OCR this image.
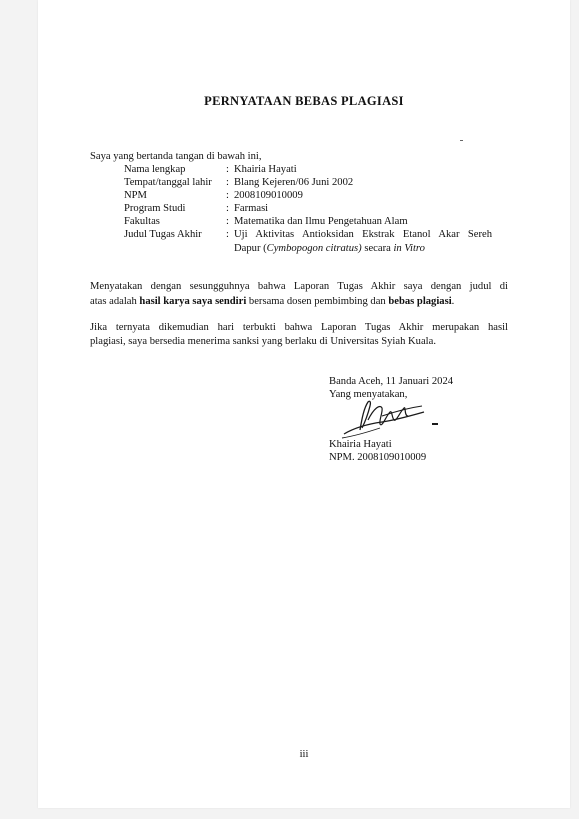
PERNYATAAN BEBAS PLAGIASI
Saya yang bertanda tangan di bawah ini,
Nama lengkap	: Khairia Hayati
Tempat/tanggal lahir : Blang Kejeren/06 Juni 2002
NPM	: 2008109010009
Program Studi	: Farmasi
Fakultas	: Matematika dan Ilmu Pengetahuan Alam
Judul Tugas Akhir : Uji Aktivitas Antioksidan Ekstrak Etanol Akar Sereh
Dapur (Cymbopogon citratus) secara in Vitro
Menyatakan dengan sesungguhnya bahwa Laporan Tugas Akhir saya dengan judul di
atas adalah hasil karya saya sendiri bersama dosen pembimbing dan bebas plagiasi.
Jika ternyata dikemudian hari terbukti bahwa Laporan Tugas Akhir merupakan hasil
plagiasi, saya bersedia menerima sanksi yang berlaku di Universitas Syiah Kuala.
Banda Aceh, 11 Januari 2024
Yang menyatakan,
Khairia Hayati
NPM. 2008109010009
iii
